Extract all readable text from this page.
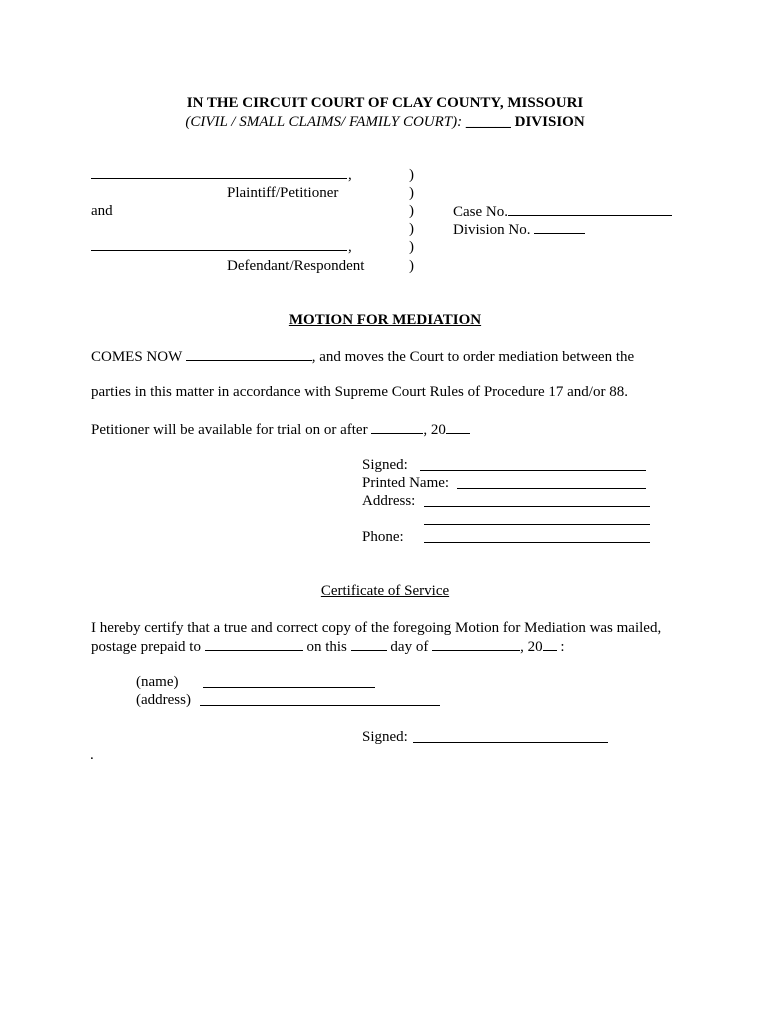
IN THE CIRCUIT COURT OF CLAY COUNTY, MISSOURI
(CIVIL / SMALL CLAIMS/ FAMILY COURT): ______ DIVISION
,
Plaintiff/Petitioner
and
,
Defendant/Respondent
)
)
)
)
)
)
Case No.
Division No.
MOTION FOR MEDIATION
COMES NOW	, and moves the Court to order mediation between the
parties in this matter in accordance with Supreme Court Rules of Procedure 17 and/or 88.
Petitioner will be available for trial on or after	, 20
Signed:
Printed Name:
Address:
Phone:
Certificate of Service
I hereby certify that a true and correct copy of the foregoing Motion for Mediation was mailed,
postage prepaid to	on this	day of	, 20 :
(name)
(address)
Signed:
.
